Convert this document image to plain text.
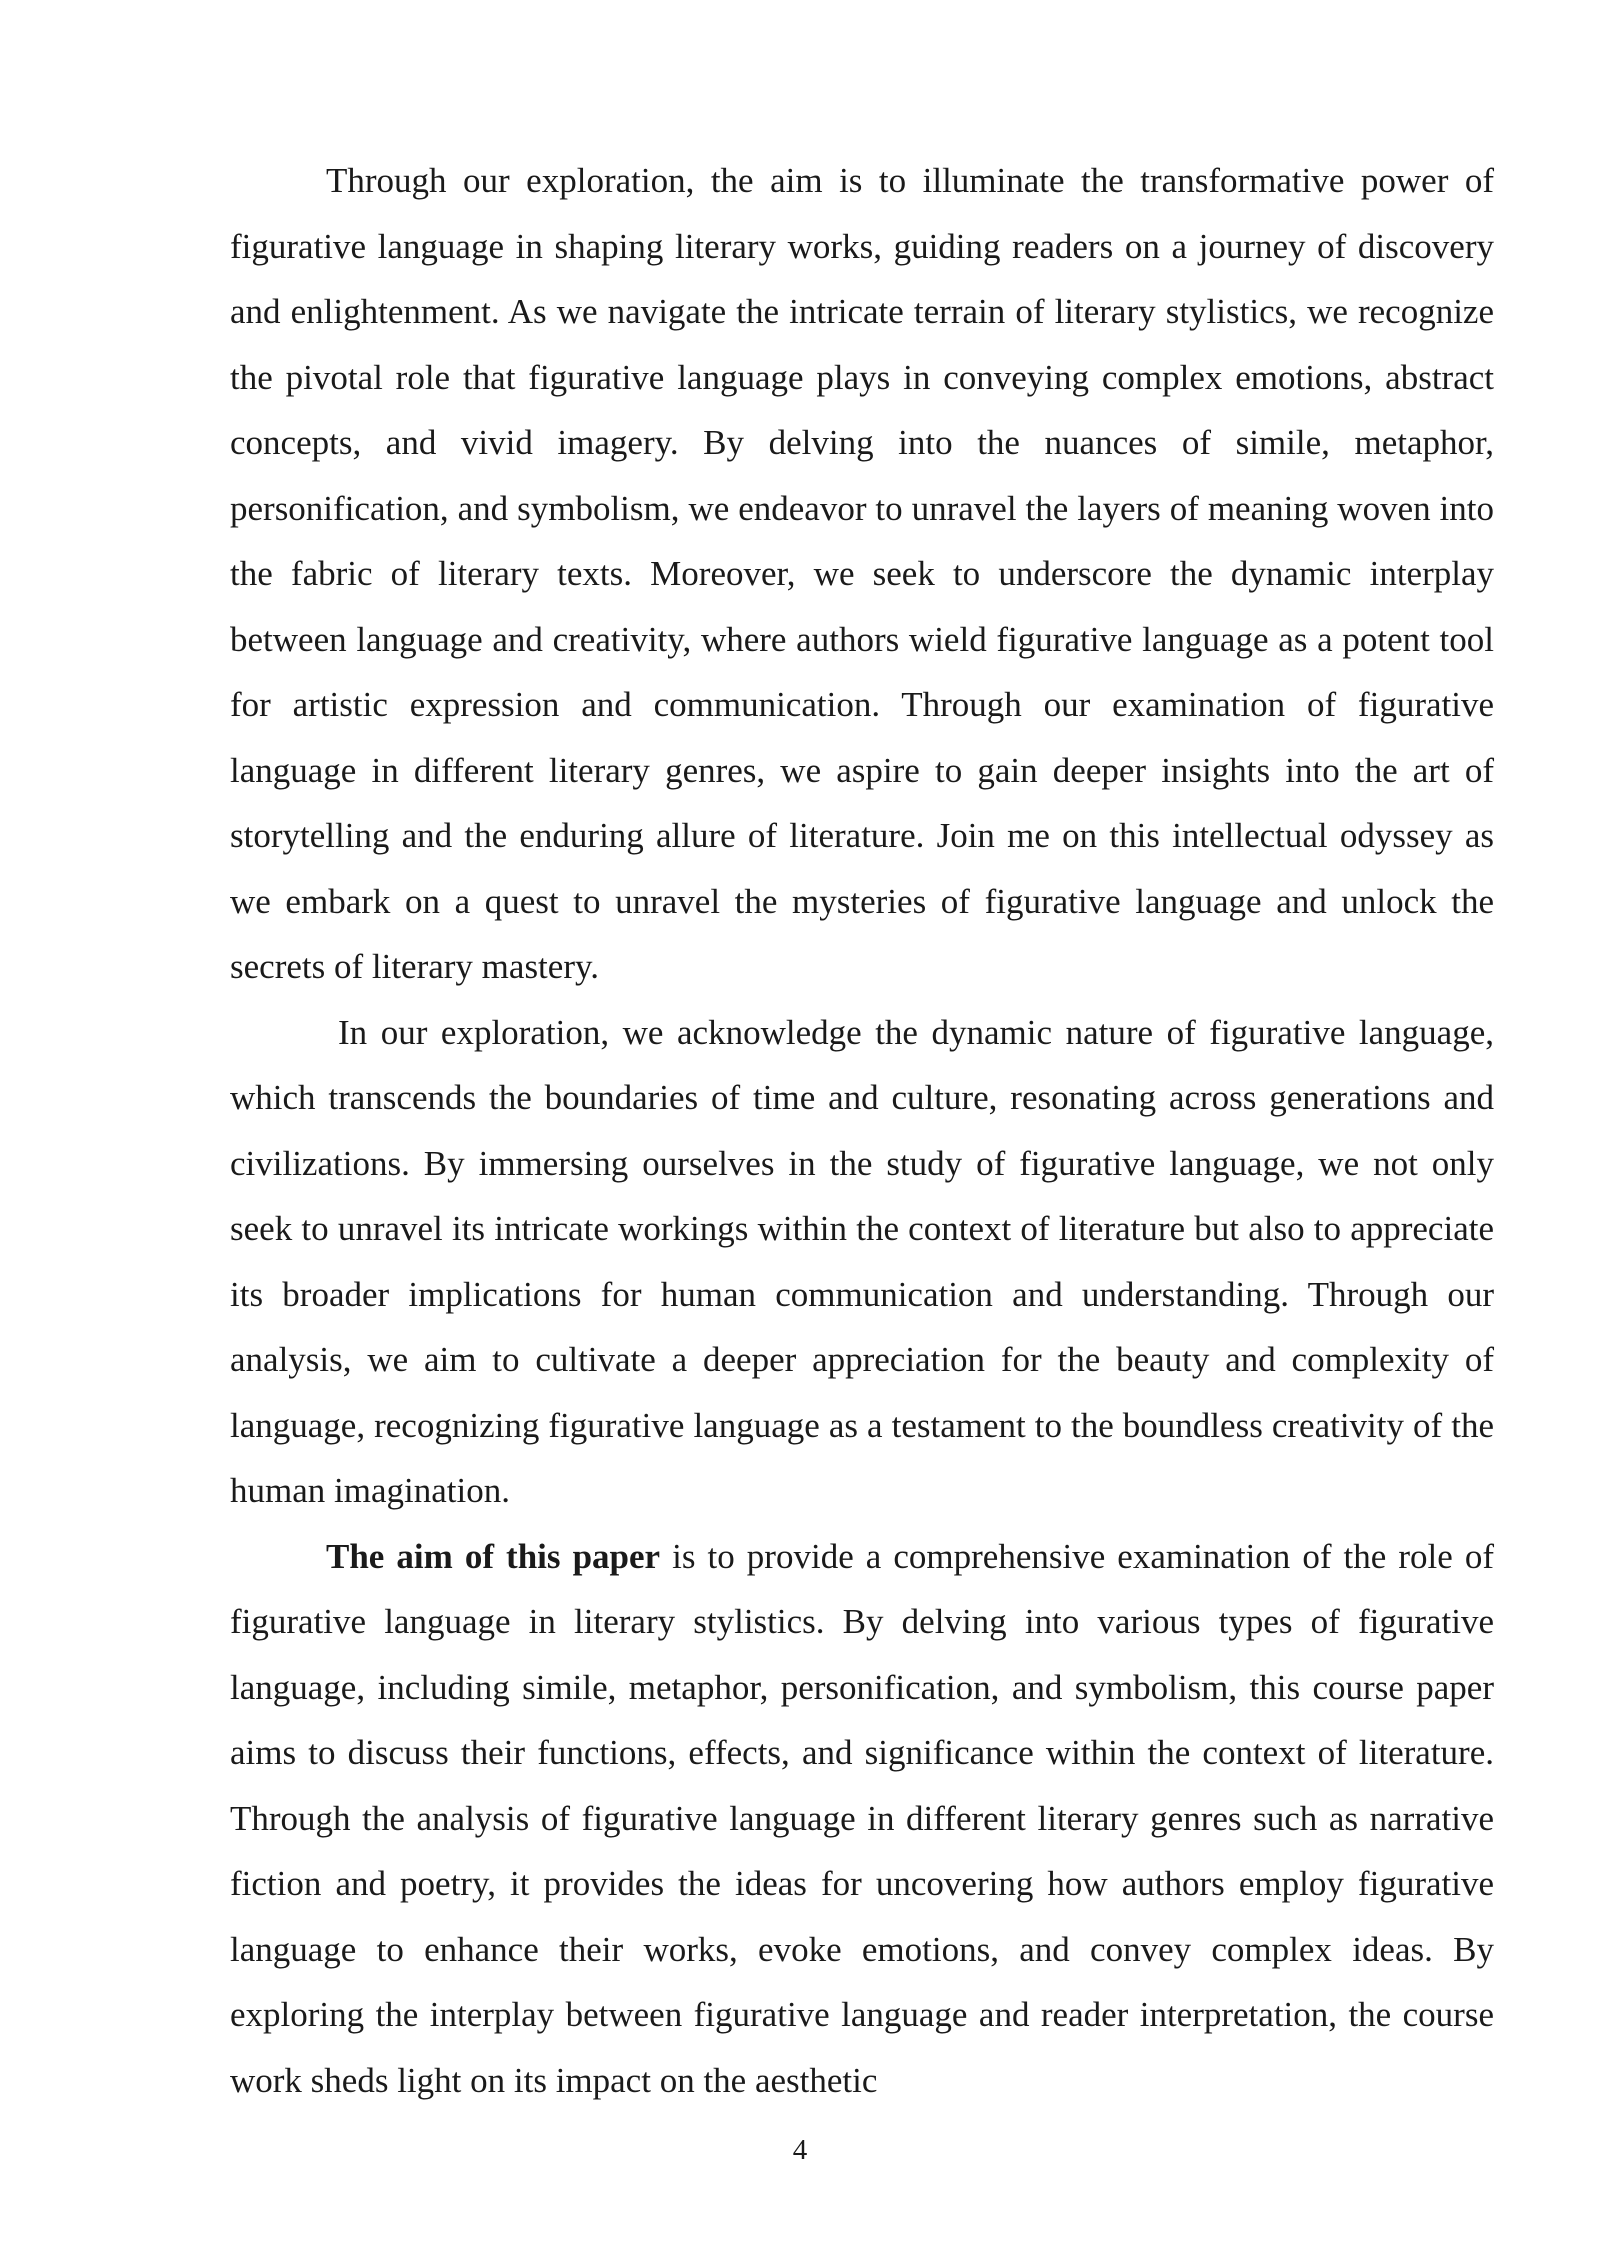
Through our exploration, the aim is to illuminate the transformative power of figurative language in shaping literary works, guiding readers on a journey of discovery and enlightenment. As we navigate the intricate terrain of literary stylistics, we recognize the pivotal role that figurative language plays in conveying complex emotions, abstract concepts, and vivid imagery. By delving into the nuances of simile, metaphor, personification, and symbolism, we endeavor to unravel the layers of meaning woven into the fabric of literary texts. Moreover, we seek to underscore the dynamic interplay between language and creativity, where authors wield figurative language as a potent tool for artistic expression and communication. Through our examination of figurative language in different literary genres, we aspire to gain deeper insights into the art of storytelling and the enduring allure of literature. Join me on this intellectual odyssey as we embark on a quest to unravel the mysteries of figurative language and unlock the secrets of literary mastery.

In our exploration, we acknowledge the dynamic nature of figurative language, which transcends the boundaries of time and culture, resonating across generations and civilizations. By immersing ourselves in the study of figurative language, we not only seek to unravel its intricate workings within the context of literature but also to appreciate its broader implications for human communication and understanding. Through our analysis, we aim to cultivate a deeper appreciation for the beauty and complexity of language, recognizing figurative language as a testament to the boundless creativity of the human imagination.

The aim of this paper is to provide a comprehensive examination of the role of figurative language in literary stylistics. By delving into various types of figurative language, including simile, metaphor, personification, and symbolism, this course paper aims to discuss their functions, effects, and significance within the context of literature. Through the analysis of figurative language in different literary genres such as narrative fiction and poetry, it provides the ideas for uncovering how authors employ figurative language to enhance their works, evoke emotions, and convey complex ideas. By exploring the interplay between figurative language and reader interpretation, the course work sheds light on its impact on the aesthetic

4
